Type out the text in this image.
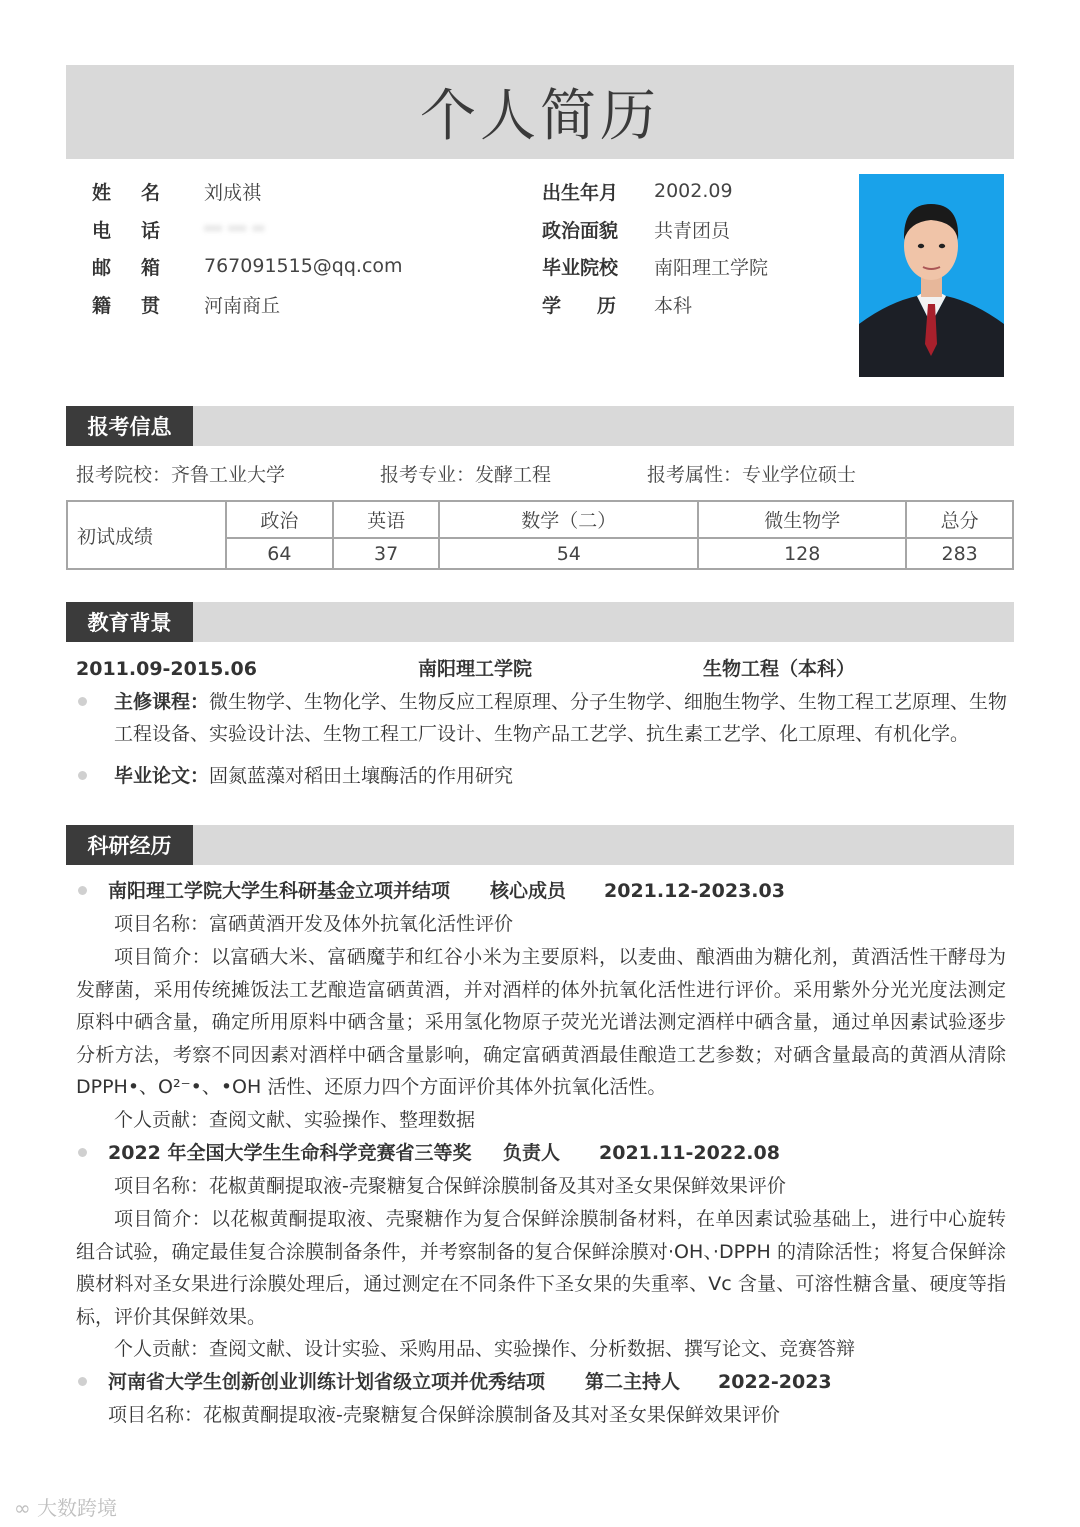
个人简历
姓名 刘成祺
电话 ··· ··· ··
邮箱 767091515@qq.com
籍贯 河南商丘
出生年月	2002.09
政治面貌	共青团员
毕业院校	南阳理工学院
学历 本科
报考信息
报考院校：齐鲁工业大学	报考专业：发酵工程	报考属性：专业学位硕士
初试成绩	政治	英语	数学（二）	微生物学	总分
	64	37	54	128	283
教育背景
2011.09-2015.06	南阳理工学院	生物工程（本科）
主修课程：微生物学、生物化学、生物反应工程原理、分子生物学、细胞生物学、生物工程工艺原理、生物
工程设备、实验设计法、生物工程工厂设计、生物产品工艺学、抗生素工艺学、化工原理、有机化学。
毕业论文：固氮蓝藻对稻田土壤酶活的作用研究
科研经历
南阳理工学院大学生科研基金立项并结项 核心成员 2021.12-2023.03
项目名称：富硒黄酒开发及体外抗氧化活性评价
项目简介：以富硒大米、富硒魔芋和红谷小米为主要原料，以麦曲、酿酒曲为糖化剂，黄酒活性干酵母为发酵菌，采用传统摊饭法工艺酿造富硒黄酒，并对酒样的体外抗氧化活性进行评价。采用紫外分光光度法测定原料中硒含量，确定所用原料中硒含量；采用氢化物原子荧光光谱法测定酒样中硒含量，通过单因素试验逐步分析方法，考察不同因素对酒样中硒含量影响，确定富硒黄酒最佳酿造工艺参数；对硒含量最高的黄酒从清除 DPPH•、O²⁻•、•OH 活性、还原力四个方面评价其体外抗氧化活性。
个人贡献：查阅文献、实验操作、整理数据
2022 年全国大学生生命科学竞赛省三等奖 负责人 2021.11-2022.08
项目名称：花椒黄酮提取液-壳聚糖复合保鲜涂膜制备及其对圣女果保鲜效果评价
项目简介：以花椒黄酮提取液、壳聚糖作为复合保鲜涂膜制备材料，在单因素试验基础上，进行中心旋转组合试验，确定最佳复合涂膜制备条件，并考察制备的复合保鲜涂膜对·OH、·DPPH 的清除活性；将复合保鲜涂膜材料对圣女果进行涂膜处理后，通过测定在不同条件下圣女果的失重率、Vc 含量、可溶性糖含量、硬度等指标，评价其保鲜效果。
个人贡献：查阅文献、设计实验、采购用品、实验操作、分析数据、撰写论文、竞赛答辩
河南省大学生创新创业训练计划省级立项并优秀结项 第二主持人 2022-2023
项目名称：花椒黄酮提取液-壳聚糖复合保鲜涂膜制备及其对圣女果保鲜效果评价
∞ 大数跨境
